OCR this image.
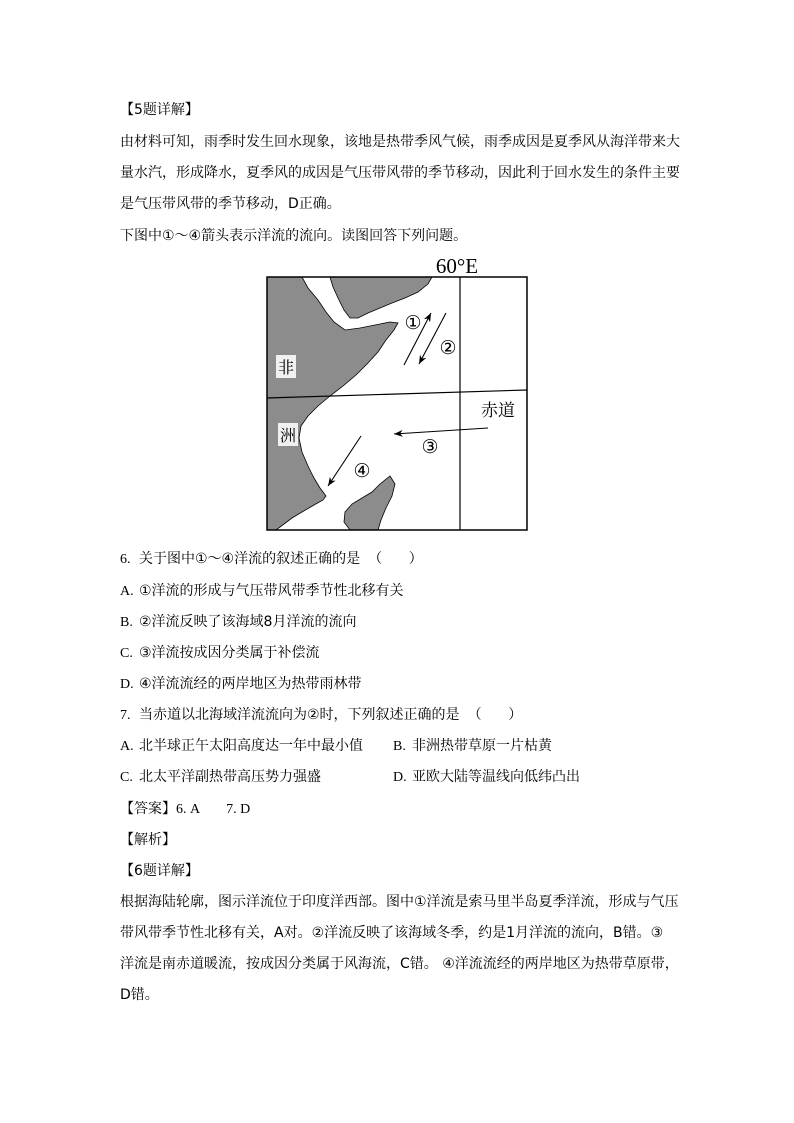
【5题详解】
由材料可知，雨季时发生回水现象，该地是热带季风气候，雨季成因是夏季风从海洋带来大
量水汽，形成降水，夏季风的成因是气压带风带的季节移动，因此利于回水发生的条件主要
是气压带风带的季节移动，D正确。
下图中①～④箭头表示洋流的流向。读图回答下列问题。
非
洲
60°E
赤道
①
②
③
④
6. 关于图中①～④洋流的叙述正确的是 （      ）
A. ①洋流的形成与气压带风带季节性北移有关
B. ②洋流反映了该海域8月洋流的流向
C. ③洋流按成因分类属于补偿流
D. ④洋流流经的两岸地区为热带雨林带
7. 当赤道以北海域洋流流向为②时，下列叙述正确的是 （      ）
A. 北半球正午太阳高度达一年中最小值 B. 非洲热带草原一片枯黄
C. 北太平洋副热带高压势力强盛	D. 亚欧大陆等温线向低纬凸出
【答案】6. A 7. D
【解析】
【6题详解】
根据海陆轮廓，图示洋流位于印度洋西部。图中①洋流是索马里半岛夏季洋流，形成与气压
带风带季节性北移有关，A对。②洋流反映了该海域冬季，约是1月洋流的流向，B错。③
洋流是南赤道暖流，按成因分类属于风海流，C错。 ④洋流流经的两岸地区为热带草原带，
D错。
